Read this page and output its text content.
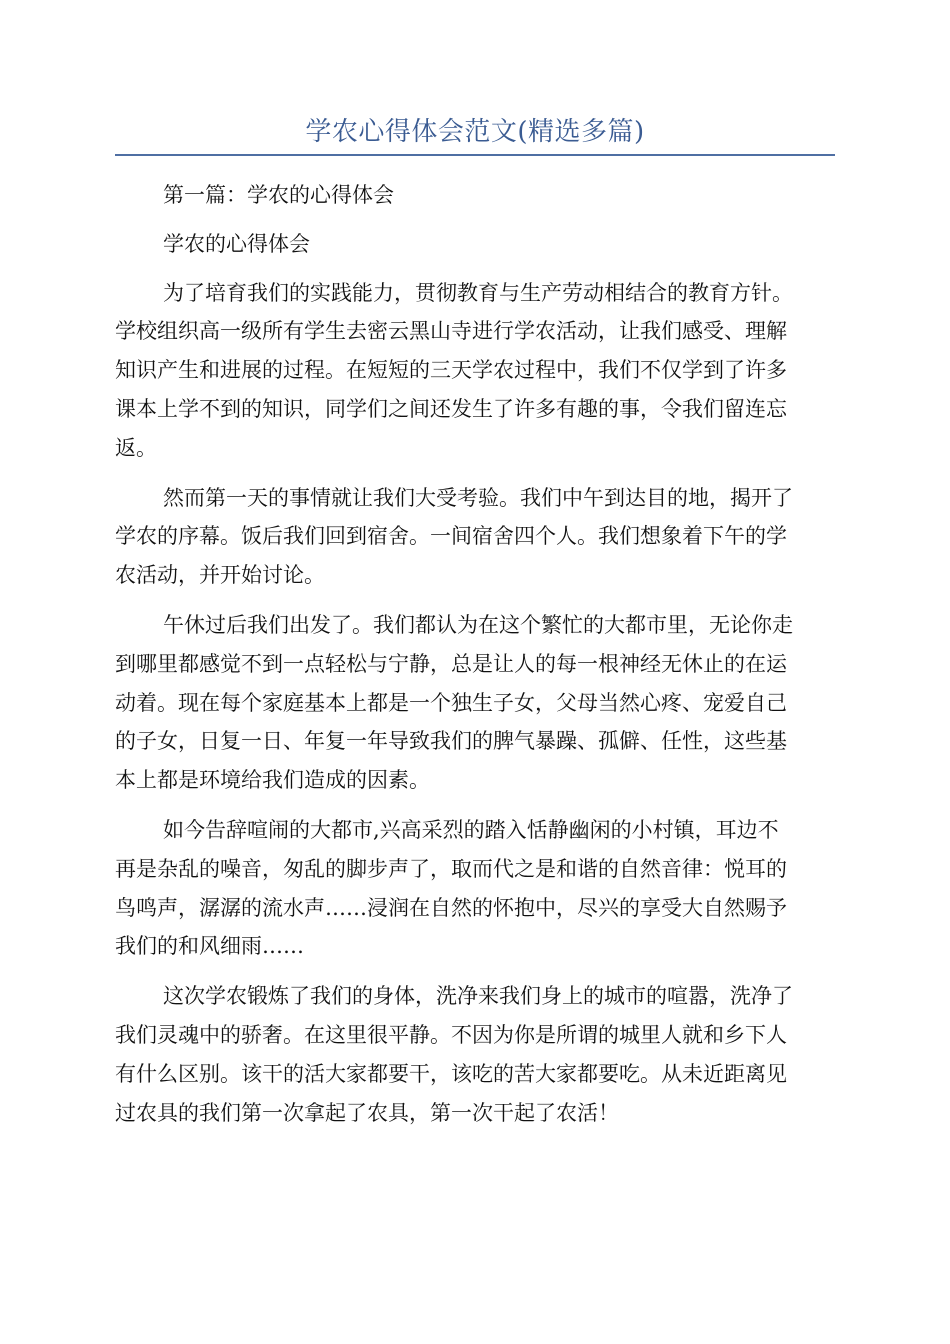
学农心得体会范文(精选多篇)

第一篇：学农的心得体会

学农的心得体会

为了培育我们的实践能力，贯彻教育与生产劳动相结合的教育方针。

学校组织高一级所有学生去密云黑山寺进行学农活动，让我们感受、理解

知识产生和进展的过程。在短短的三天学农过程中，我们不仅学到了许多

课本上学不到的知识，同学们之间还发生了许多有趣的事，令我们留连忘

返。

然而第一天的事情就让我们大受考验。我们中午到达目的地，揭开了

学农的序幕。饭后我们回到宿舍。一间宿舍四个人。我们想象着下午的学

农活动，并开始讨论。

午休过后我们出发了。我们都认为在这个繁忙的大都市里，无论你走

到哪里都感觉不到一点轻松与宁静，总是让人的每一根神经无休止的在运

动着。现在每个家庭基本上都是一个独生子女，父母当然心疼、宠爱自己

的子女，日复一日、年复一年导致我们的脾气暴躁、孤僻、任性，这些基

本上都是环境给我们造成的因素。

如今告辞喧闹的大都市,兴高采烈的踏入恬静幽闲的小村镇，耳边不

再是杂乱的噪音，匆乱的脚步声了，取而代之是和谐的自然音律：悦耳的

鸟鸣声，潺潺的流水声……浸润在自然的怀抱中，尽兴的享受大自然赐予

我们的和风细雨……

这次学农锻炼了我们的身体，洗净来我们身上的城市的喧嚣，洗净了

我们灵魂中的骄奢。在这里很平静。不因为你是所谓的城里人就和乡下人

有什么区别。该干的活大家都要干，该吃的苦大家都要吃。从未近距离见

过农具的我们第一次拿起了农具，第一次干起了农活！
